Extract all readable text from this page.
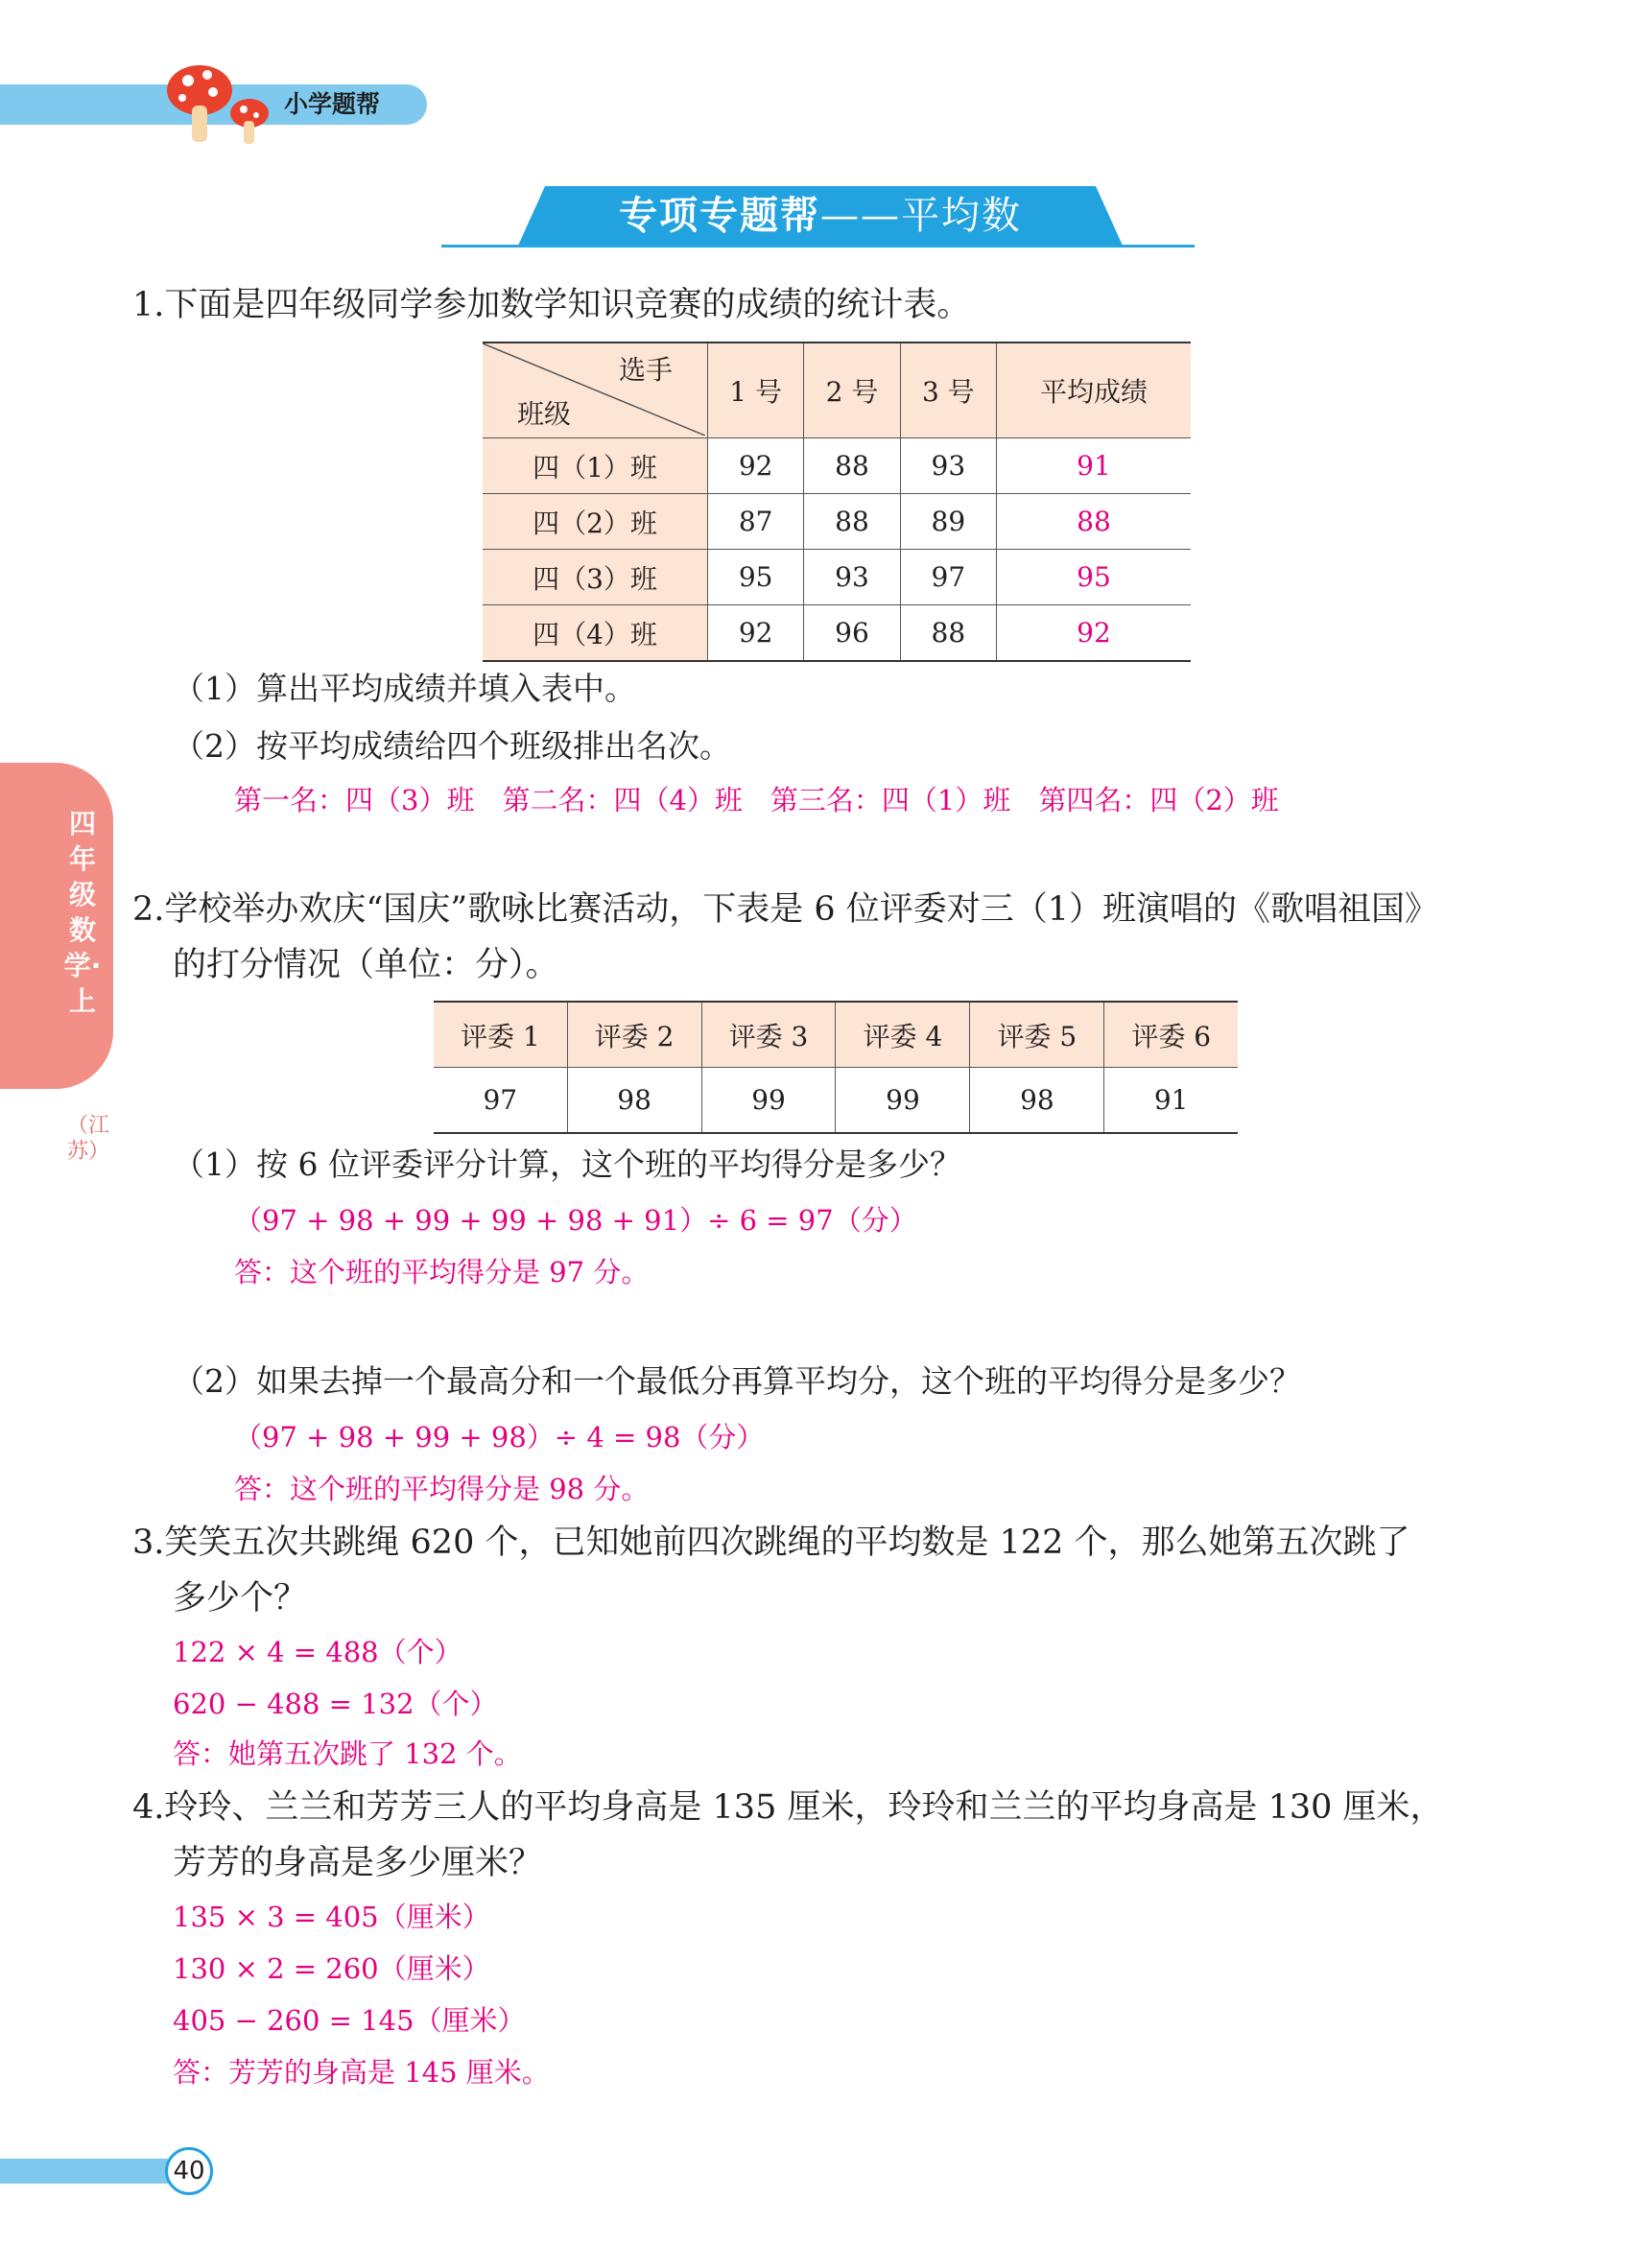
小学题帮
专项专题帮——平均数
四年级数学·上
（江苏）
1.下面是四年级同学参加数学知识竞赛的成绩的统计表。
选手
班级	1 号	2 号	3 号	平均成绩
四（1）班	92	88	93	91
四（2）班	87	88	89	88
四（3）班	95	93	97	95
四（4）班	92	96	88	92
（1）算出平均成绩并填入表中。
（2）按平均成绩给四个班级排出名次。
第一名：四（3）班　第二名：四（4）班　第三名：四（1）班　第四名：四（2）班
2.学校举办欢庆“国庆”歌咏比赛活动，下表是 6 位评委对三（1）班演唱的《歌唱祖国》
的打分情况（单位：分）。
评委 1	评委 2	评委 3	评委 4	评委 5	评委 6
97	98	99	99	98	91
（1）按 6 位评委评分计算，这个班的平均得分是多少？
（97 + 98 + 99 + 99 + 98 + 91）÷ 6 = 97（分）
答：这个班的平均得分是 97 分。
（2）如果去掉一个最高分和一个最低分再算平均分，这个班的平均得分是多少？
（97 + 98 + 99 + 98）÷ 4 = 98（分）
答：这个班的平均得分是 98 分。
3.笑笑五次共跳绳 620 个，已知她前四次跳绳的平均数是 122 个，那么她第五次跳了
多少个？
122 × 4 = 488（个）
620 − 488 = 132（个）
答：她第五次跳了 132 个。
4.玲玲、兰兰和芳芳三人的平均身高是 135 厘米，玲玲和兰兰的平均身高是 130 厘米，
芳芳的身高是多少厘米？
135 × 3 = 405（厘米）
130 × 2 = 260（厘米）
405 − 260 = 145（厘米）
答：芳芳的身高是 145 厘米。
40
